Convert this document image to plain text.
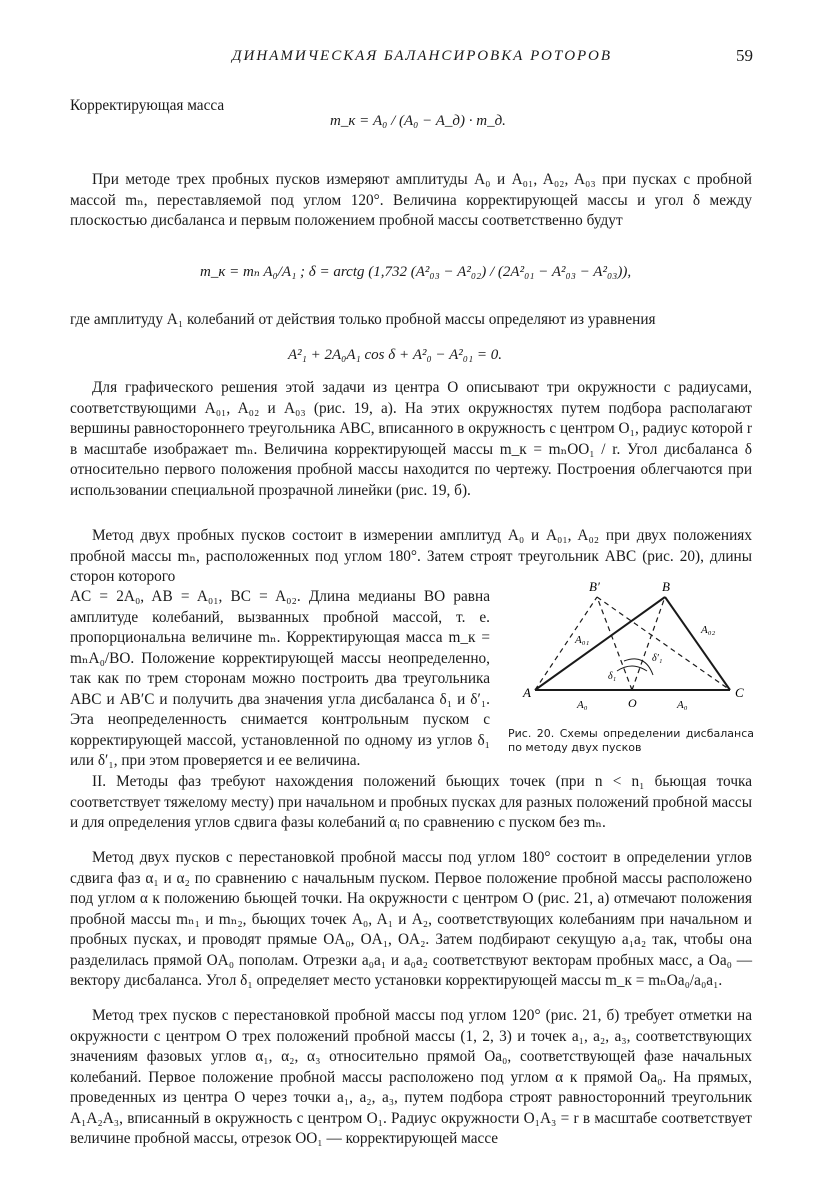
ДИНАМИЧЕСКАЯ БАЛАНСИРОВКА РОТОРОВ	59
Корректирующая масса
m_к = A₀ / (A₀ − A_д) · m_д.
При методе трех пробных пусков измеряют амплитуды A₀ и A₀₁, A₀₂, A₀₃ при пусках с пробной массой mₙ, переставляемой под углом 120°. Величина корректирующей массы и угол δ между плоскостью дисбаланса и первым положением пробной массы соответственно будут
m_к = mₙ A₀/A₁ ; δ = arctg (1,732 (A²₀₃ − A²₀₂) / (2A²₀₁ − A²₀₃ − A²₀₃)),
где амплитуду A₁ колебаний от действия только пробной массы определяют из уравнения
A²₁ + 2A₀A₁ cos δ + A²₀ − A²₀₁ = 0.
Для графического решения этой задачи из центра O описывают три окружности с радиусами, соответствующими A₀₁, A₀₂ и A₀₃ (рис. 19, а). На этих окружностях путем подбора располагают вершины равностороннего треугольника ABC, вписанного в окружность с центром O₁, радиус которой r в масштабе изображает mₙ. Величина корректирующей массы m_к = mₙOO₁ / r. Угол дисбаланса δ относительно первого положения пробной массы находится по чертежу. Построения облегчаются при использовании специальной прозрачной линейки (рис. 19, б).
Метод двух пробных пусков состоит в измерении амплитуд A₀ и A₀₁, A₀₂ при двух положениях пробной массы mₙ, расположенных под углом 180°. Затем строят треугольник ABC (рис. 20), длины сторон которого
AC = 2A₀, AB = A₀₁, BC = A₀₂. Длина медианы BO равна амплитуде колебаний, вызванных пробной массой, т. е. пропорциональна величине mₙ. Корректирующая масса m_к = mₙA₀/BO. Положение корректирующей массы неопределенно, так как по трем сторонам можно построить два треугольника ABC и AB′C и получить два значения угла дисбаланса δ₁ и δ′₁. Эта неопределенность снимается контрольным пуском с корректирующей массой, установленной по одному из углов δ₁ или δ′₁, при этом проверяется и ее величина.
A	C
B
B′
O
A₀₁
A₀₂
A₀	A₀
δ₁
δ′₁
Рис. 20. Схемы определении дисбаланса по методу двух пусков
II. Методы фаз требуют нахождения положений бьющих точек (при n < n₁ бьющая точка соответствует тяжелому месту) при начальном и пробных пусках для разных положений пробной массы и для определения углов сдвига фазы колебаний αᵢ по сравнению с пуском без mₙ.
Метод двух пусков с перестановкой пробной массы под углом 180° состоит в определении углов сдвига фаз α₁ и α₂ по сравнению с начальным пуском. Первое положение пробной массы расположено под углом α к положению бьющей точки. На окружности с центром O (рис. 21, а) отмечают положения пробной массы mₙ₁ и mₙ₂, бьющих точек A₀, A₁ и A₂, соответствующих колебаниям при начальном и пробных пусках, и проводят прямые OA₀, OA₁, OA₂. Затем подбирают секущую a₁a₂ так, чтобы она разделилась прямой OA₀ пополам. Отрезки a₀a₁ и a₀a₂ соответствуют векторам пробных масс, а Oa₀ — вектору дисбаланса. Угол δ₁ определяет место установки корректирующей массы m_к = mₙOa₀/a₀a₁.
Метод трех пусков с перестановкой пробной массы под углом 120° (рис. 21, б) требует отметки на окружности с центром O трех положений пробной массы (1, 2, 3) и точек a₁, a₂, a₃, соответствующих значениям фазовых углов α₁, α₂, α₃ относительно прямой Oa₀, соответствующей фазе начальных колебаний. Первое положение пробной массы расположено под углом α к прямой Oa₀. На прямых, проведенных из центра O через точки a₁, a₂, a₃, путем подбора строят равносторонний треугольник A₁A₂A₃, вписанный в окружность с центром O₁. Радиус окружности O₁A₃ = r в масштабе соответствует величине пробной массы, отрезок OO₁ — корректирующей массе
